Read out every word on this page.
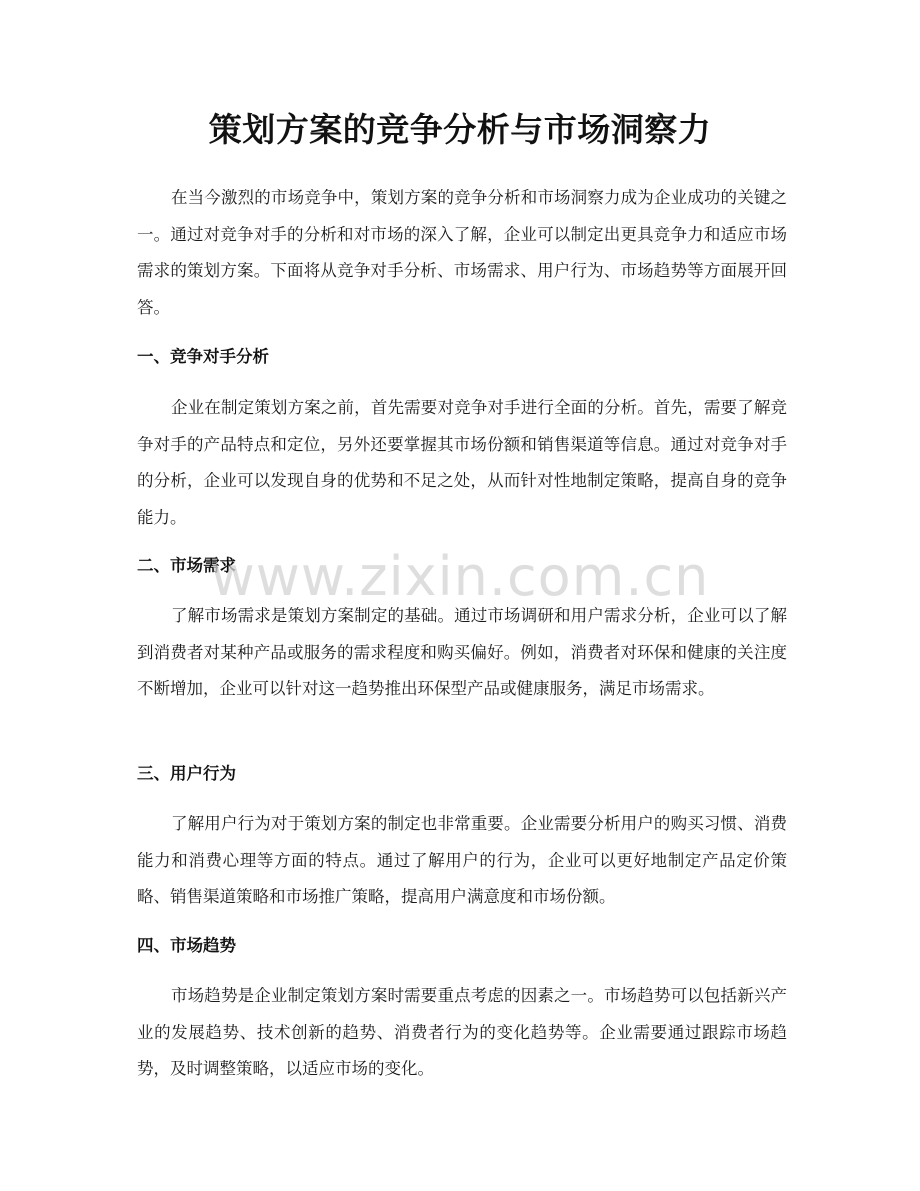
策划方案的竞争分析与市场洞察力

在当今激烈的市场竞争中，策划方案的竞争分析和市场洞察力成为企业成功的关键之一。通过对竞争对手的分析和对市场的深入了解，企业可以制定出更具竞争力和适应市场需求的策划方案。下面将从竞争对手分析、市场需求、用户行为、市场趋势等方面展开回答。

一、竞争对手分析

企业在制定策划方案之前，首先需要对竞争对手进行全面的分析。首先，需要了解竞争对手的产品特点和定位，另外还要掌握其市场份额和销售渠道等信息。通过对竞争对手的分析，企业可以发现自身的优势和不足之处，从而针对性地制定策略，提高自身的竞争能力。

二、市场需求

了解市场需求是策划方案制定的基础。通过市场调研和用户需求分析，企业可以了解到消费者对某种产品或服务的需求程度和购买偏好。例如，消费者对环保和健康的关注度不断增加，企业可以针对这一趋势推出环保型产品或健康服务，满足市场需求。

三、用户行为

了解用户行为对于策划方案的制定也非常重要。企业需要分析用户的购买习惯、消费能力和消费心理等方面的特点。通过了解用户的行为，企业可以更好地制定产品定价策略、销售渠道策略和市场推广策略，提高用户满意度和市场份额。

四、市场趋势

市场趋势是企业制定策划方案时需要重点考虑的因素之一。市场趋势可以包括新兴产业的发展趋势、技术创新的趋势、消费者行为的变化趋势等。企业需要通过跟踪市场趋势，及时调整策略，以适应市场的变化。

www.zixin.com.cn
